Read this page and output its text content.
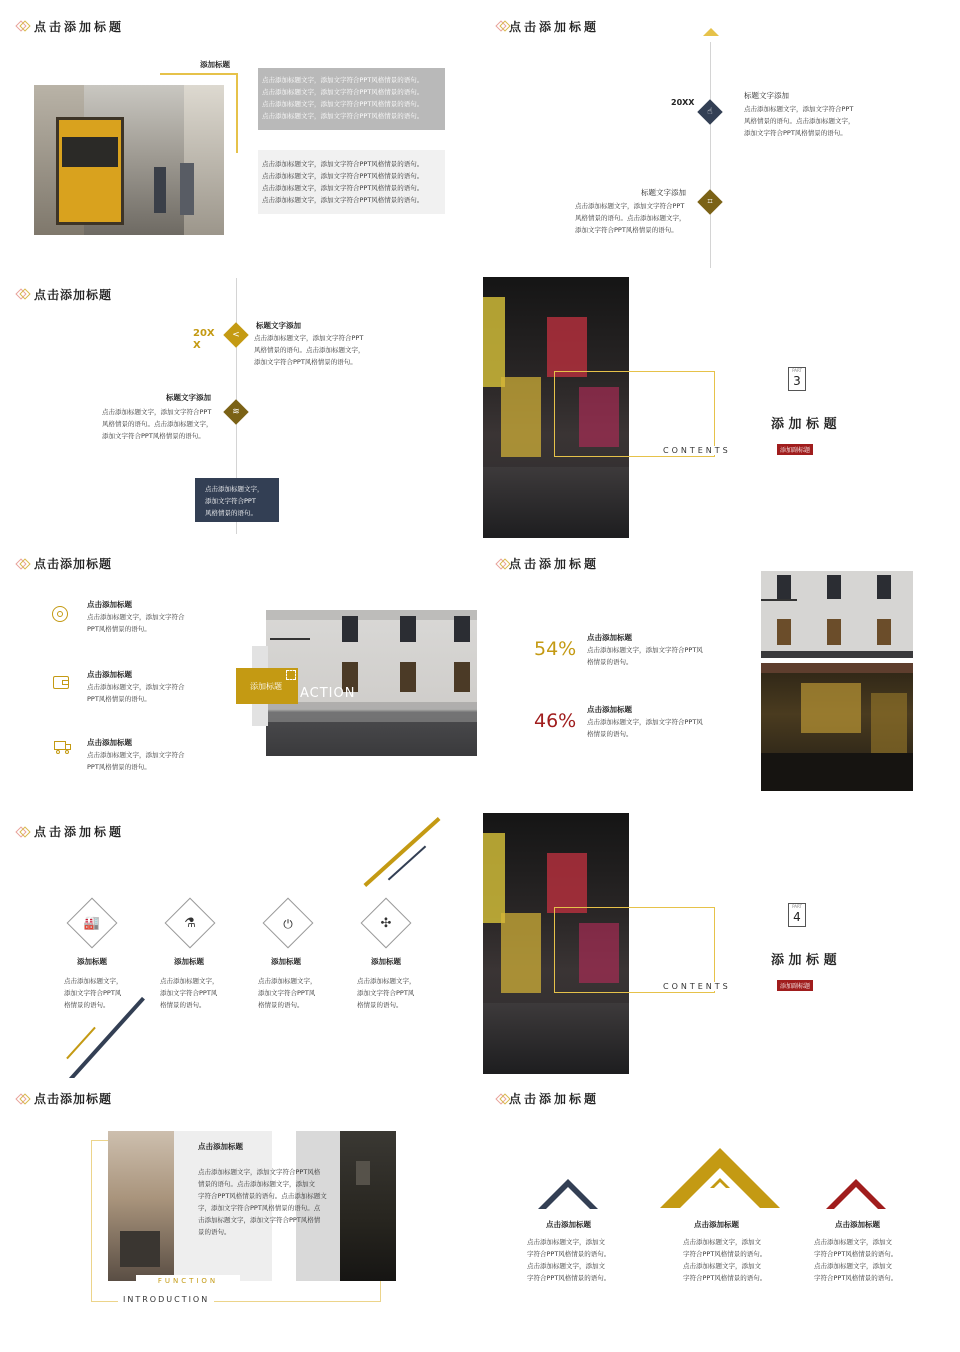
点击添加标题
添加标题
点击添加标题文字，添加文字符合PPT风格情景的语句。
点击添加标题文字，添加文字符合PPT风格情景的语句。
点击添加标题文字，添加文字符合PPT风格情景的语句。
点击添加标题文字，添加文字符合PPT风格情景的语句。
点击添加标题文字，添加文字符合PPT风格情景的语句。
点击添加标题文字，添加文字符合PPT风格情景的语句。
点击添加标题文字，添加文字符合PPT风格情景的语句。
点击添加标题文字，添加文字符合PPT风格情景的语句。
点击添加标题
20XX
☝
标题文字添加
点击添加标题文字，添加文字符合PPT
风格情景的语句。点击添加标题文字，
添加文字符合PPT风格情景的语句。
⌗
标题文字添加
点击添加标题文字，添加文字符合PPT
风格情景的语句。点击添加标题文字，
添加文字符合PPT风格情景的语句。
点击添加标题
20X
X
<
标题文字添加
点击添加标题文字，添加文字符合PPT
风格情景的语句。点击添加标题文字，
添加文字符合PPT风格情景的语句。
≋
标题文字添加
点击添加标题文字，添加文字符合PPT
风格情景的语句。点击添加标题文字，
添加文字符合PPT风格情景的语句。
点击添加标题文字，
添加文字符合PPT
风格情景的语句。
CONTENTS
PART
3
添 加 标 题
添加副标题
点击添加标题
点击添加标题
点击添加标题文字，添加文字符合
PPT风格情景的语句。
点击添加标题
点击添加标题文字，添加文字符合
PPT风格情景的语句。
点击添加标题
点击添加标题文字，添加文字符合
PPT风格情景的语句。
添加标题 ACTION
点击添加标题
54%
点击添加标题
点击添加标题文字，添加文字符合PPT风
格情景的语句。
46%
点击添加标题
点击添加标题文字，添加文字符合PPT风
格情景的语句。
点击添加标题
🏭
添加标题
点击添加标题文字，
添加文字符合PPT风
格情景的语句。
⚗
添加标题
点击添加标题文字，
添加文字符合PPT风
格情景的语句。
⏻
添加标题
点击添加标题文字，
添加文字符合PPT风
格情景的语句。
✣
添加标题
点击添加标题文字，
添加文字符合PPT风
格情景的语句。
CONTENTS
PART
4
添 加 标 题
添加副标题
点击添加标题
点击添加标题
点击添加标题文字，添加文字符合PPT风格
情景的语句。点击添加标题文字，添加文
字符合PPT风格情景的语句。点击添加标题文
字，添加文字符合PPT风格情景的语句。点
击添加标题文字，添加文字符合PPT风格情
景的语句。
FUNCTION
INTRODUCTION
点击添加标题
点击添加标题
点击添加标题文字，添加文
字符合PPT风格情景的语句。
点击添加标题文字，添加文
字符合PPT风格情景的语句。
点击添加标题
点击添加标题文字，添加文
字符合PPT风格情景的语句。
点击添加标题文字，添加文
字符合PPT风格情景的语句。
点击添加标题
点击添加标题文字，添加文
字符合PPT风格情景的语句。
点击添加标题文字，添加文
字符合PPT风格情景的语句。
